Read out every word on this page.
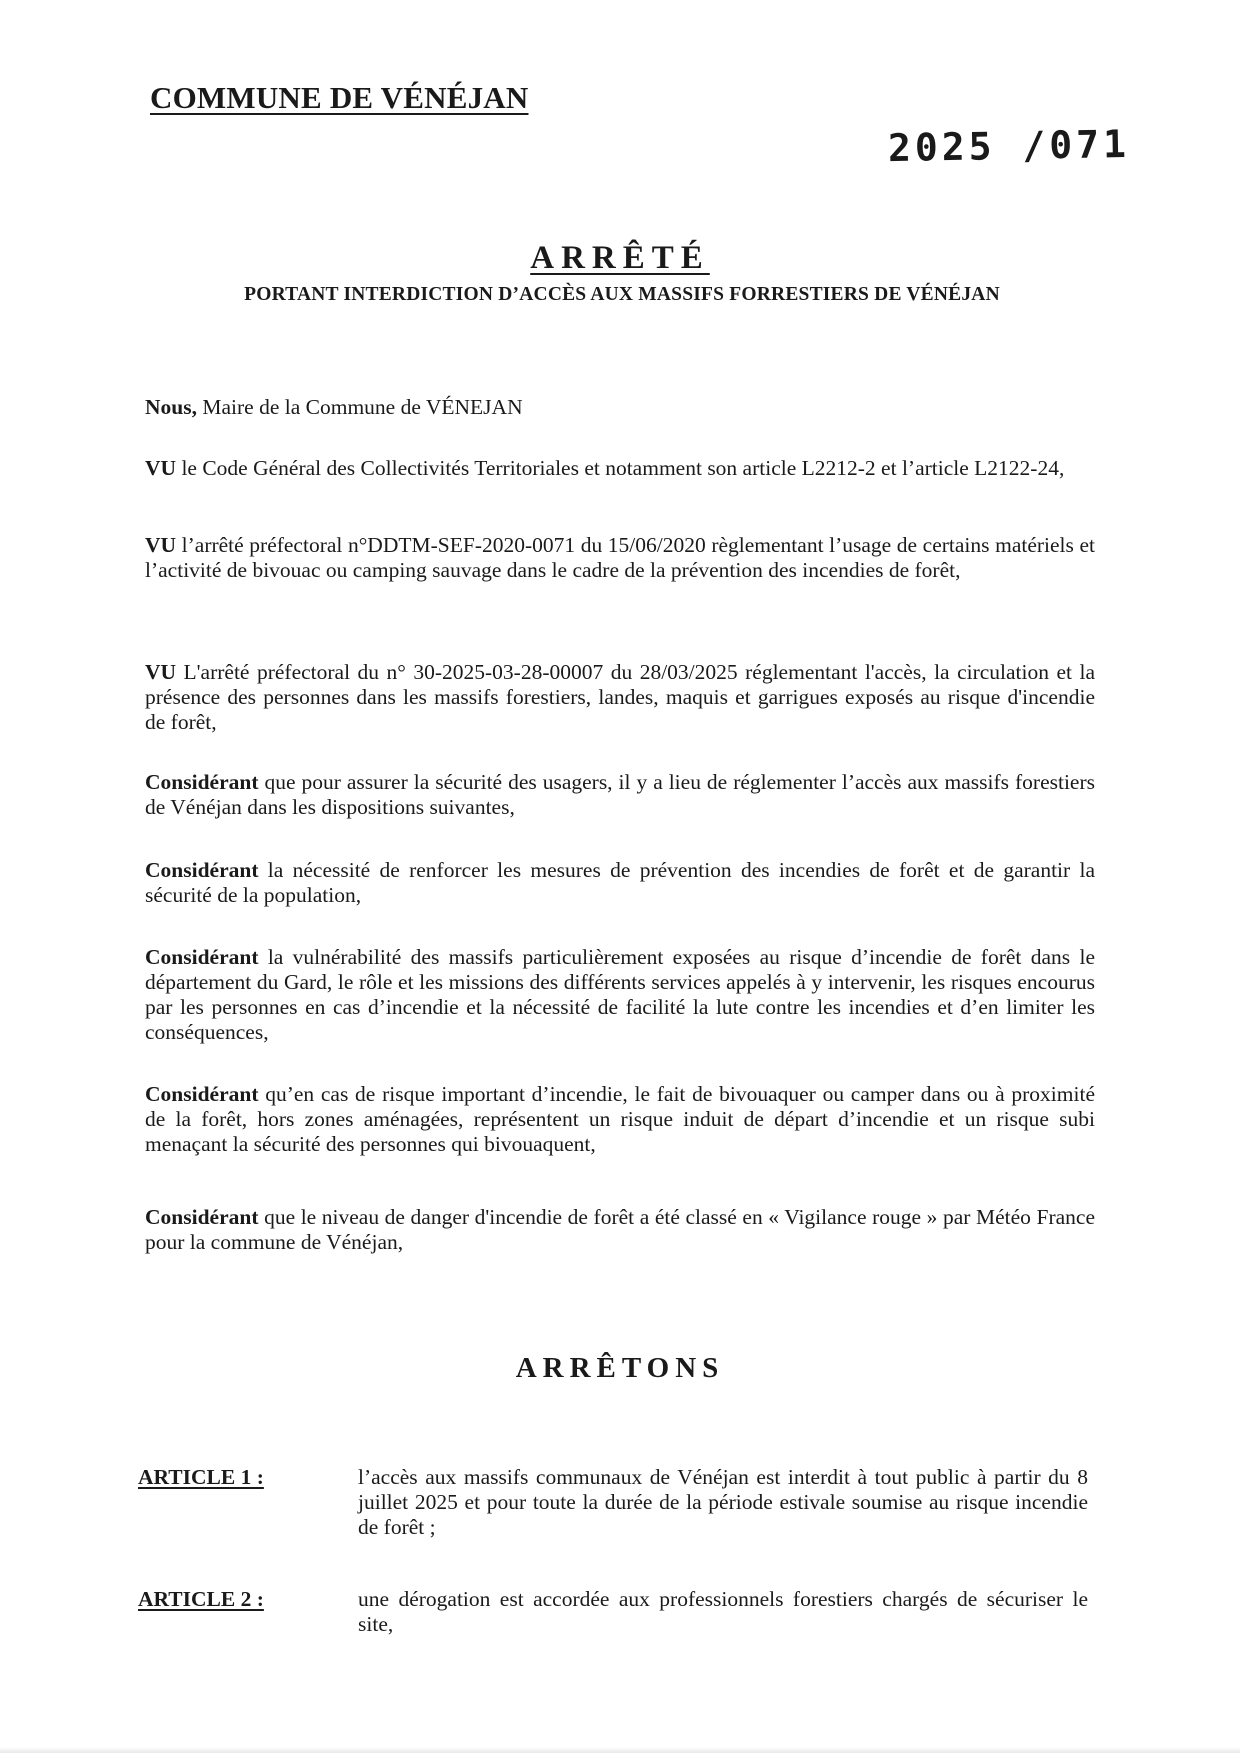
COMMUNE DE VÉNÉJAN
2025 /071
ARRÊTÉ
PORTANT INTERDICTION D’ACCÈS AUX MASSIFS FORRESTIERS DE VÉNÉJAN
Nous, Maire de la Commune de VÉNEJAN
VU le Code Général des Collectivités Territoriales et notamment son article L2212-2 et l’article L2122-24,
VU l’arrêté préfectoral n°DDTM-SEF-2020-0071 du 15/06/2020 règlementant l’usage de certains matériels et l’activité de bivouac ou camping sauvage dans le cadre de la prévention des incendies de forêt,
VU L'arrêté préfectoral du n° 30-2025-03-28-00007 du 28/03/2025 réglementant l'accès, la circulation et la présence des personnes dans les massifs forestiers, landes, maquis et garrigues exposés au risque d'incendie de forêt,
Considérant que pour assurer la sécurité des usagers, il y a lieu de réglementer l’accès aux massifs forestiers de Vénéjan dans les dispositions suivantes,
Considérant la nécessité de renforcer les mesures de prévention des incendies de forêt et de garantir la sécurité de la population,
Considérant la vulnérabilité des massifs particulièrement exposées au risque d’incendie de forêt dans le département du Gard, le rôle et les missions des différents services appelés à y intervenir, les risques encourus par les personnes en cas d’incendie et la nécessité de facilité la lute contre les incendies et d’en limiter les conséquences,
Considérant qu’en cas de risque important d’incendie, le fait de bivouaquer ou camper dans ou à proximité de la forêt, hors zones aménagées, représentent un risque induit de départ d’incendie et un risque subi menaçant la sécurité des personnes qui bivouaquent,
Considérant que le niveau de danger d'incendie de forêt a été classé en « Vigilance rouge » par Météo France pour la commune de Vénéjan,
ARRÊTONS
ARTICLE 1 :	l’accès aux massifs communaux de Vénéjan est interdit à tout public à partir du 8 juillet 2025 et pour toute la durée de la période estivale soumise au risque incendie de forêt ;
ARTICLE 2 :	une dérogation est accordée aux professionnels forestiers chargés de sécuriser le site,
